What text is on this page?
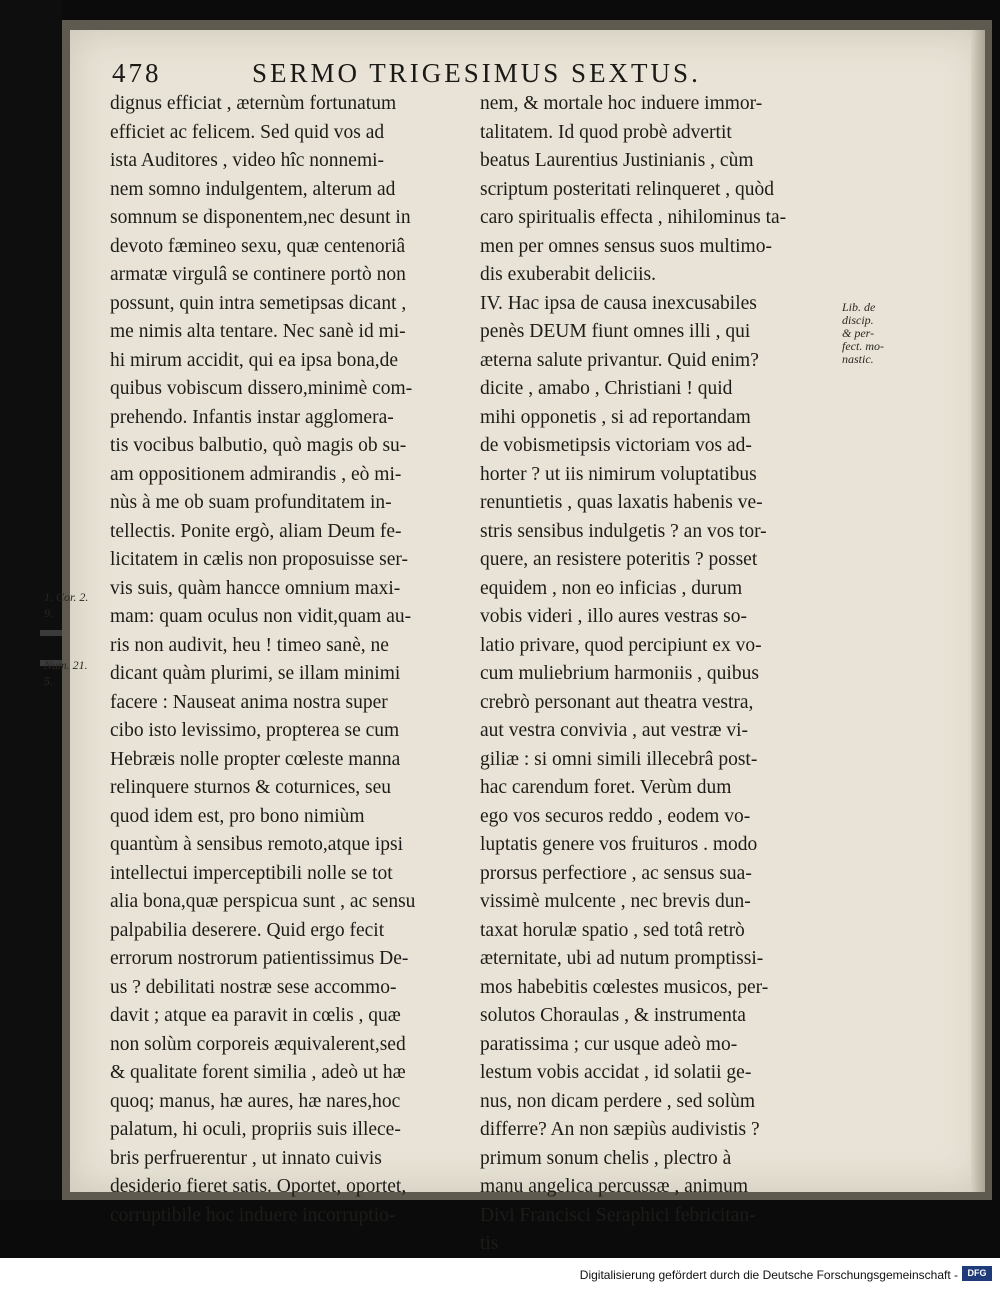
478	SERMO TRIGESIMUS SEXTUS.
dignus efficiat , æternùm fortunatum
efficiet ac felicem. Sed quid vos ad
ista Auditores , video hîc nonnemi-
nem somno indulgentem, alterum ad
somnum se disponentem,nec desunt in
devoto fæmineo sexu, quæ centenoriâ
armatæ virgulâ se continere portò non
possunt, quin intra semetipsas dicant ,
me nimis alta tentare. Nec sanè id mi-
hi mirum accidit, qui ea ipsa bona,de
quibus vobiscum dissero,minimè com-
prehendo. Infantis instar agglomera-
tis vocibus balbutio, quò magis ob su-
am oppositionem admirandis , eò mi-
nùs à me ob suam profunditatem in-
tellectis. Ponite ergò, aliam Deum fe-
licitatem in cælis non proposuisse ser-
vis suis, quàm hancce omnium maxi-
mam: quam oculus non vidit,quam au-
ris non audivit, heu ! timeo sanè, ne
dicant quàm plurimi, se illam minimi
facere : Nauseat anima nostra super
cibo isto levissimo, propterea se cum
Hebræis nolle propter cœleste manna
relinquere sturnos & coturnices, seu
quod idem est, pro bono nimiùm
quantùm à sensibus remoto,atque ipsi
intellectui imperceptibili nolle se tot
alia bona,quæ perspicua sunt , ac sensu
palpabilia deserere. Quid ergo fecit
errorum nostrorum patientissimus De-
us ? debilitati nostræ sese accommo-
davit ; atque ea paravit in cœlis , quæ
non solùm corporeis æquivalerent,sed
& qualitate forent similia , adeò ut hæ
quoq; manus, hæ aures, hæ nares,hoc
palatum, hi oculi, propriis suis illece-
bris perfruerentur , ut innato cuivis
desiderio fieret satis. Oportet, oportet,
corruptibile hoc induere incorruptio-
nem, & mortale hoc induere immor-
talitatem. Id quod probè advertit
beatus Laurentius Justinianis , cùm
scriptum posteritati relinqueret , quòd
caro spiritualis effecta , nihilominus ta-
men per omnes sensus suos multimo-
dis exuberabit deliciis.
IV. Hac ipsa de causa inexcusabiles
penès DEUM fiunt omnes illi , qui
æterna salute privantur. Quid enim?
dicite , amabo , Christiani ! quid
mihi opponetis , si ad reportandam
de vobismetipsis victoriam vos ad-
horter ? ut iis nimirum voluptatibus
renuntietis , quas laxatis habenis ve-
stris sensibus indulgetis ? an vos tor-
quere, an resistere poteritis ? posset
equidem , non eo inficias , durum
vobis videri , illo aures vestras so-
latio privare, quod percipiunt ex vo-
cum muliebrium harmoniis , quibus
crebrò personant aut theatra vestra,
aut vestra convivia , aut vestræ vi-
giliæ : si omni simili illecebrâ post-
hac carendum foret. Verùm dum
ego vos securos reddo , eodem vo-
luptatis genere vos fruituros . modo
prorsus perfectiore , ac sensus sua-
vissimè mulcente , nec brevis dun-
taxat horulæ spatio , sed totâ retrò
æternitate, ubi ad nutum promptissi-
mos habebitis cœlestes musicos, per-
solutos Choraulas , & instrumenta
paratissima ; cur usque adeò mo-
lestum vobis accidat , id solatii ge-
nus, non dicam perdere , sed solùm
differre? An non sæpiùs audivistis ?
primum sonum chelis , plectro à
manu angelica percussæ , animum
Divi Francisci Seraphici febricitan-
tis
Lib. de
discip.
& per-
fect. mo-
nastic.
1. Cor. 2.
9.
Num. 21.
5.
Digitalisierung gefördert durch die Deutsche Forschungsgemeinschaft -	DFG
